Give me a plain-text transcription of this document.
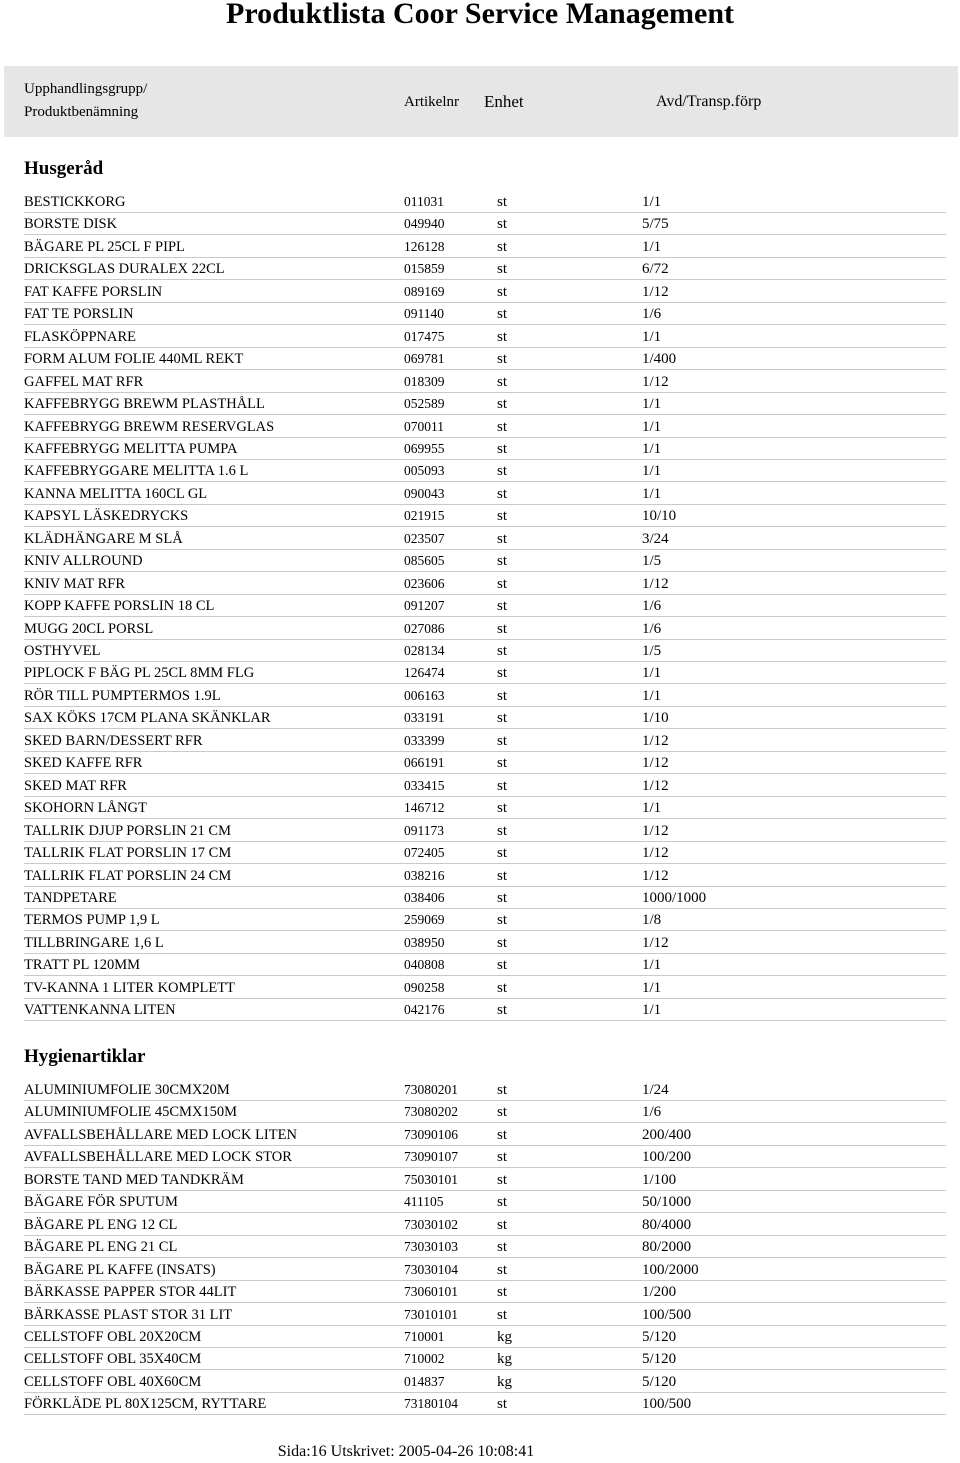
Produktlista Coor Service Management
Upphandlingsgrupp/
Produktbenämning
Artikelnr Enhet	Avd/Transp.förp
Husgeråd
BESTICKKORG	011031	st	1/1
BORSTE DISK	049940	st	5/75
BÄGARE PL 25CL F PIPL	126128	st	1/1
DRICKSGLAS DURALEX 22CL	015859	st	6/72
FAT KAFFE PORSLIN	089169	st	1/12
FAT TE PORSLIN	091140	st	1/6
FLASKÖPPNARE	017475	st	1/1
FORM ALUM FOLIE 440ML REKT	069781	st	1/400
GAFFEL MAT RFR	018309	st	1/12
KAFFEBRYGG BREWM PLASTHÅLL	052589	st	1/1
KAFFEBRYGG BREWM RESERVGLAS	070011	st	1/1
KAFFEBRYGG MELITTA PUMPA	069955	st	1/1
KAFFEBRYGGARE MELITTA 1.6 L	005093	st	1/1
KANNA MELITTA 160CL GL	090043	st	1/1
KAPSYL LÄSKEDRYCKS	021915	st	10/10
KLÄDHÄNGARE M SLÅ	023507	st	3/24
KNIV ALLROUND	085605	st	1/5
KNIV MAT RFR	023606	st	1/12
KOPP KAFFE PORSLIN 18 CL	091207	st	1/6
MUGG 20CL PORSL	027086	st	1/6
OSTHYVEL	028134	st	1/5
PIPLOCK F BÄG PL 25CL 8MM FLG	126474	st	1/1
RÖR TILL PUMPTERMOS 1.9L	006163	st	1/1
SAX KÖKS 17CM PLANA SKÄNKLAR	033191	st	1/10
SKED BARN/DESSERT RFR	033399	st	1/12
SKED KAFFE RFR	066191	st	1/12
SKED MAT RFR	033415	st	1/12
SKOHORN LÅNGT	146712	st	1/1
TALLRIK DJUP PORSLIN 21 CM	091173	st	1/12
TALLRIK FLAT PORSLIN 17 CM	072405	st	1/12
TALLRIK FLAT PORSLIN 24 CM	038216	st	1/12
TANDPETARE	038406	st	1000/1000
TERMOS PUMP 1,9 L	259069	st	1/8
TILLBRINGARE 1,6 L	038950	st	1/12
TRATT PL 120MM	040808	st	1/1
TV-KANNA 1 LITER KOMPLETT	090258	st	1/1
VATTENKANNA LITEN	042176	st	1/1
Hygienartiklar
ALUMINIUMFOLIE 30CMX20M	73080201	st	1/24
ALUMINIUMFOLIE 45CMX150M	73080202	st	1/6
AVFALLSBEHÅLLARE MED LOCK LITEN	73090106	st	200/400
AVFALLSBEHÅLLARE MED LOCK STOR	73090107	st	100/200
BORSTE TAND MED TANDKRÄM	75030101	st	1/100
BÄGARE FÖR SPUTUM	411105	st	50/1000
BÄGARE PL ENG 12 CL	73030102	st	80/4000
BÄGARE PL ENG 21 CL	73030103	st	80/2000
BÄGARE PL KAFFE (INSATS)	73030104	st	100/2000
BÄRKASSE PAPPER STOR 44LIT	73060101	st	1/200
BÄRKASSE PLAST STOR 31 LIT	73010101	st	100/500
CELLSTOFF OBL 20X20CM	710001	kg	5/120
CELLSTOFF OBL 35X40CM	710002	kg	5/120
CELLSTOFF OBL 40X60CM	014837	kg	5/120
FÖRKLÄDE PL 80X125CM, RYTTARE	73180104	st	100/500
Sida:16 Utskrivet: 2005-04-26 10:08:41
